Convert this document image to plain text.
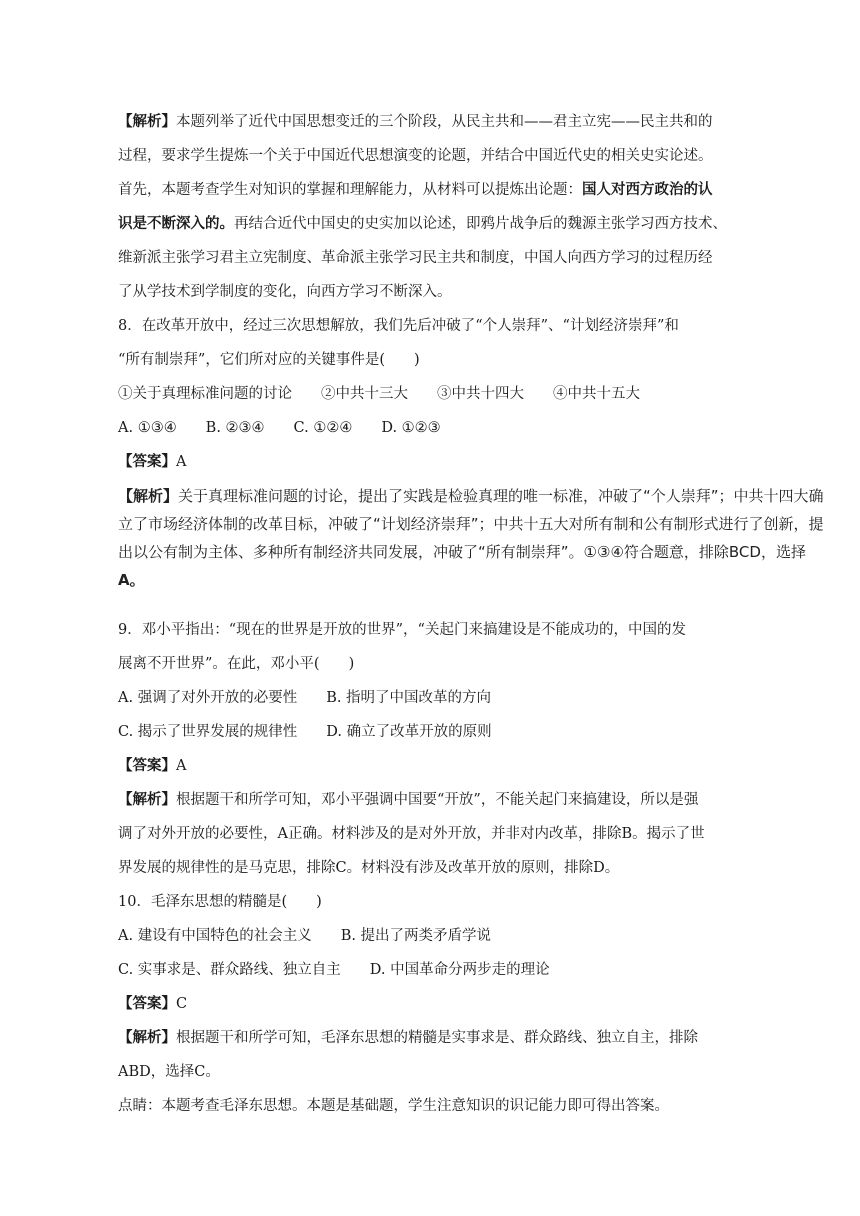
【解析】本题列举了近代中国思想变迁的三个阶段，从民主共和——君主立宪——民主共和的
过程，要求学生提炼一个关于中国近代思想演变的论题，并结合中国近代史的相关史实论述。
首先，本题考查学生对知识的掌握和理解能力，从材料可以提炼出论题：国人对西方政治的认
识是不断深入的。再结合近代中国史的史实加以论述，即鸦片战争后的魏源主张学习西方技术、
维新派主张学习君主立宪制度、革命派主张学习民主共和制度，中国人向西方学习的过程历经
了从学技术到学制度的变化，向西方学习不断深入。
8．在改革开放中，经过三次思想解放，我们先后冲破了“个人崇拜”、“计划经济崇拜”和
“所有制崇拜”，它们所对应的关键事件是(　　)
①关于真理标准问题的讨论　　②中共十三大　　③中共十四大　　④中共十五大
A. ①③④　　B. ②③④　　C. ①②④　　D. ①②③
【答案】A
【解析】关于真理标准问题的讨论，提出了实践是检验真理的唯一标准，冲破了“个人崇拜”；中共十四大确
立了市场经济体制的改革目标，冲破了“计划经济崇拜”；中共十五大对所有制和公有制形式进行了创新，提
出以公有制为主体、多种所有制经济共同发展，冲破了“所有制崇拜”。①③④符合题意，排除BCD，选择
A。
9．邓小平指出：“现在的世界是开放的世界”，“关起门来搞建设是不能成功的，中国的发
展离不开世界”。在此，邓小平(　　)
A. 强调了对外开放的必要性　　B. 指明了中国改革的方向
C. 揭示了世界发展的规律性　　D. 确立了改革开放的原则
【答案】A
【解析】根据题干和所学可知，邓小平强调中国要“开放”，不能关起门来搞建设，所以是强
调了对外开放的必要性，A正确。材料涉及的是对外开放，并非对内改革，排除B。揭示了世
界发展的规律性的是马克思，排除C。材料没有涉及改革开放的原则，排除D。
10．毛泽东思想的精髓是(　　)
A. 建设有中国特色的社会主义　　B. 提出了两类矛盾学说
C. 实事求是、群众路线、独立自主　　D. 中国革命分两步走的理论
【答案】C
【解析】根据题干和所学可知，毛泽东思想的精髓是实事求是、群众路线、独立自主，排除
ABD，选择C。
点睛：本题考查毛泽东思想。本题是基础题，学生注意知识的识记能力即可得出答案。
